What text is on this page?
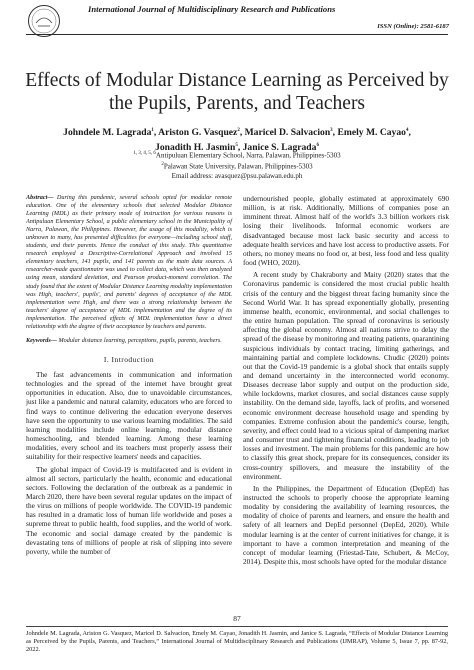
International Journal of Multidisciplinary Research and Publications
ISSN (Online): 2581-6187
Effects of Modular Distance Learning as Perceived by the Pupils, Parents, and Teachers
Johndele M. Lagrada$^1$, Ariston G. Vasquez$^2$, Maricel D. Salvacion$^3$, Emely M. Cayao$^4$,
Jonadith H. Jasmin$^5$, Janice S. Lagrada$^6$
$^{1, 3, 4, 5, 6}$Antipuluan Elementary School, Narra, Palawan, Philippines-5303
$^2$Palawan State University, Palawan, Philippines-5303
Email address: avasquez@psu.palawan.edu.ph

Abstract— During this pandemic, several schools opted for modular remote education. One of the elementary schools that selected Modular Distance Learning (MDL) as their primary mode of instruction for various reasons is Antipuluan Elementary School, a public elementary school in the Municipality of Narra, Palawan, the Philippines. However, the usage of this modality, which is unknown to many, has presented difficulties for everyone—including school staff, students, and their parents. Hence the conduct of this study. This quantitative research employed a Descriptive-Correlational Approach and involved 15 elementary teachers, 141 pupils, and 141 parents as the main data sources. A researcher-made questionnaire was used to collect data, which was then analyzed using mean, standard deviation, and Pearson product-moment correlation. The study found that the extent of Modular Distance Learning modality implementation was High, teachers', pupils', and parents' degrees of acceptance of the MDL implementation were High, and there was a strong relationship between the teachers' degree of acceptance of MDL implementation and the degree of its implementation. The perceived effects of MDL implementation have a direct relationship with the degree of their acceptance by teachers and parents.

Keywords— Modular distance learning, perceptions, pupils, parents, teachers.

I. Introduction

The fast advancements in communication and information technologies and the spread of the internet have brought great opportunities in education. Also, due to unavoidable circumstances, just like a pandemic and natural calamity, educators who are forced to find ways to continue delivering the education everyone deserves have seen the opportunity to use various learning modalities. The said learning modalities include online learning, modular distance homeschooling, and blended learning. Among these learning modalities, every school and its teachers must properly assess their suitability for their respective learners' needs and capacities.

The global impact of Covid-19 is multifaceted and is evident in almost all sectors, particularly the health, economic and educational sectors. Following the declaration of the outbreak as a pandemic in March 2020, there have been several regular updates on the impact of the virus on millions of people worldwide. The COVID-19 pandemic has resulted in a dramatic loss of human life worldwide and poses a supreme threat to public health, food supplies, and the world of work. The economic and social damage created by the pandemic is devastating tens of millions of people at risk of slipping into severe poverty, while the number of

undernourished people, globally estimated at approximately 690 million, is at risk. Additionally, Millions of companies pose an imminent threat. Almost half of the world's 3.3 billion workers risk losing their livelihoods. Informal economic workers are disadvantaged because most lack basic security and access to adequate health services and have lost access to productive assets. For others, no money means no food or, at best, less food and less quality food (WHO, 2020).

A recent study by Chakraborty and Maity (2020) states that the Coronavirus pandemic is considered the most crucial public health crisis of the century and the biggest threat facing humanity since the Second World War. It has spread exponentially globally, presenting immense health, economic, environmental, and social challenges to the entire human population. The spread of coronavirus is seriously affecting the global economy. Almost all nations strive to delay the spread of the disease by monitoring and treating patients, quarantining suspicious individuals by contact tracing, limiting gatherings, and maintaining partial and complete lockdowns. Chudic (2020) points out that the Covid-19 pandemic is a global shock that entails supply and demand uncertainty in the interconnected world economy. Diseases decrease labor supply and output on the production side, while lockdowns, market closures, and social distances cause supply instability. On the demand side, layoffs, lack of profits, and worsened economic environment decrease household usage and spending by companies. Extreme confusion about the pandemic's course, length, severity, and effect could lead to a vicious spiral of dampening market and consumer trust and tightening financial conditions, leading to job losses and investment. The main problems for this pandemic are how to classify this great shock, prepare for its consequences, consider its cross-country spillovers, and measure the instability of the environment.

In the Philippines, the Department of Education (DepEd) has instructed the schools to properly choose the appropriate learning modality by considering the availability of learning resources, the modality of choice of parents and learners, and ensure the health and safety of all learners and DepEd personnel (DepEd, 2020). While modular learning is at the center of current initiatives for change, it is important to have a common interpretation and meaning of the concept of modular learning (Friestad-Tate, Schubert, & McCoy, 2014). Despite this, most schools have opted for the modular distance

87
Johndele M. Lagrada, Ariston G. Vasquez, Maricel D. Salvacion, Emely M. Cayao, Jonadith H. Jasmin, and Janice S. Lagrada, “Effects of Modular Distance Learning as Perceived by the Pupils, Parents, and Teachers,” International Journal of Multidisciplinary Research and Publications (IJMRAP), Volume 5, Issue 7, pp. 87-92, 2022.
